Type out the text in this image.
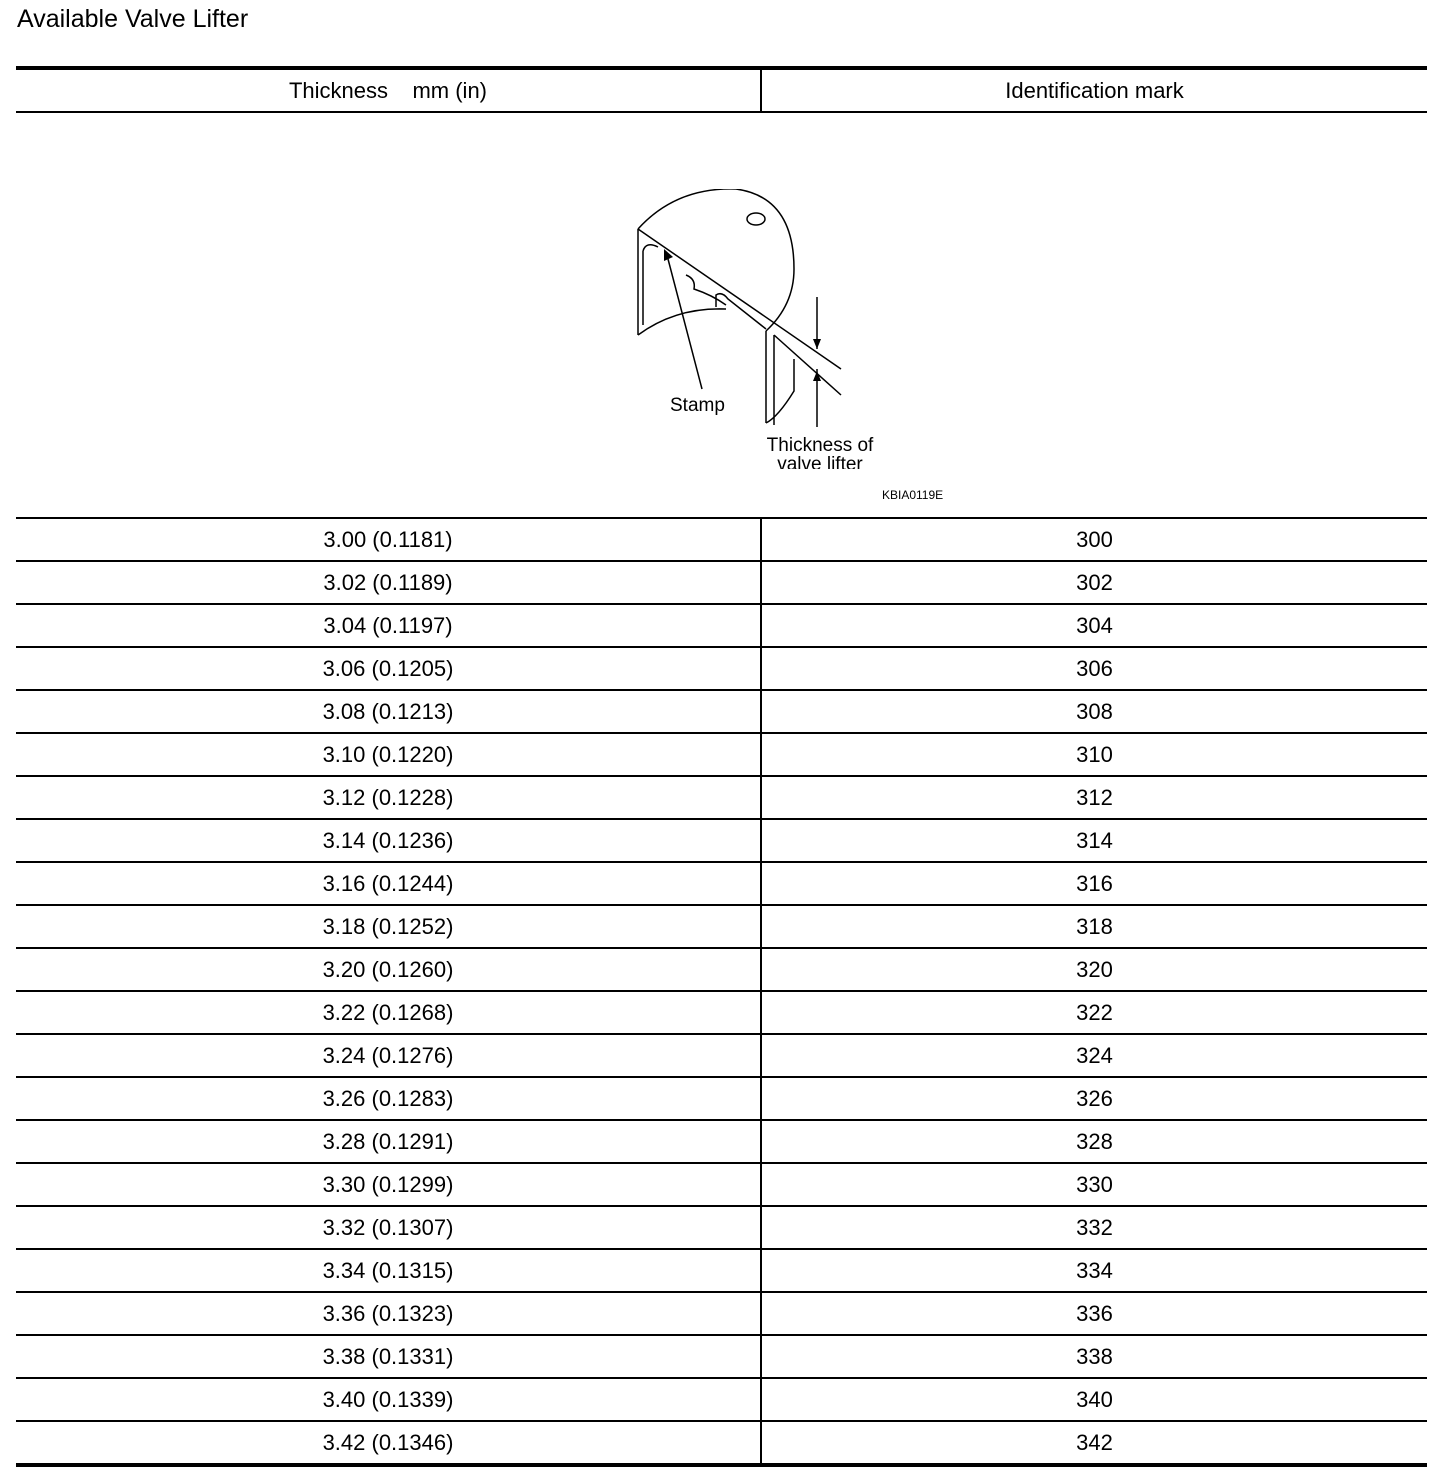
Available Valve Lifter
Thickness    mm (in)	Identification mark

Stamp
Thickness of
valve lifter
KBIA0119E	

3.00 (0.1181)	300
3.02 (0.1189)	302
3.04 (0.1197)	304
3.06 (0.1205)	306
3.08 (0.1213)	308
3.10 (0.1220)	310
3.12 (0.1228)	312
3.14 (0.1236)	314
3.16 (0.1244)	316
3.18 (0.1252)	318
3.20 (0.1260)	320
3.22 (0.1268)	322
3.24 (0.1276)	324
3.26 (0.1283)	326
3.28 (0.1291)	328
3.30 (0.1299)	330
3.32 (0.1307)	332
3.34 (0.1315)	334
3.36 (0.1323)	336
3.38 (0.1331)	338
3.40 (0.1339)	340
3.42 (0.1346)	342
